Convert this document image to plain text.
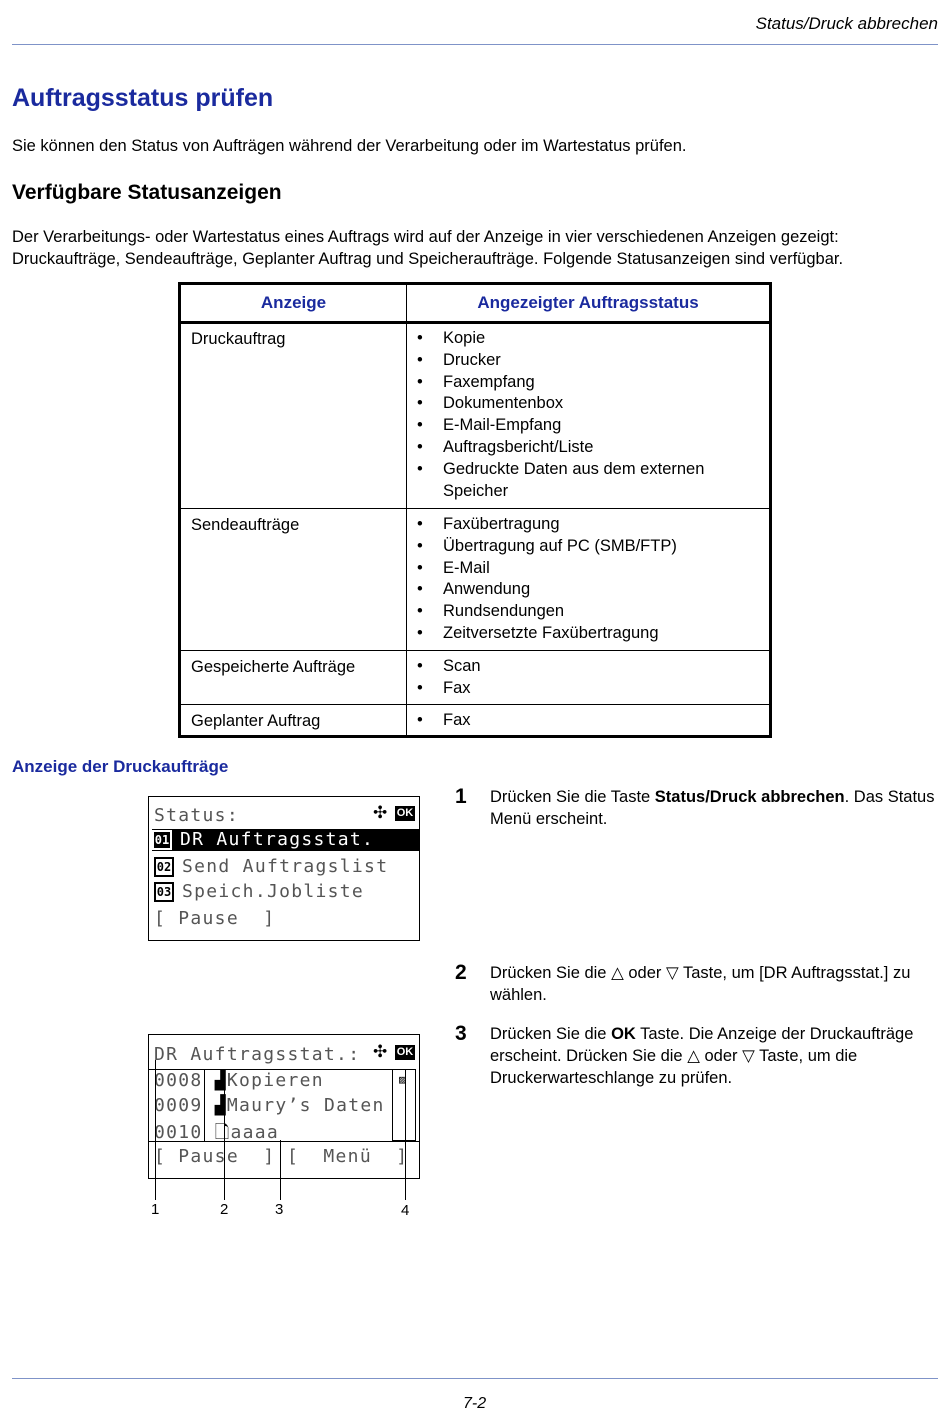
Status/Druck abbrechen
Auftragsstatus prüfen
Sie können den Status von Aufträgen während der Verarbeitung oder im Wartestatus prüfen.
Verfügbare Statusanzeigen
Der Verarbeitungs- oder Wartestatus eines Auftrags wird auf der Anzeige in vier verschiedenen Anzeigen gezeigt:
Druckaufträge, Sendeaufträge, Geplanter Auftrag und Speicheraufträge. Folgende Statusanzeigen sind verfügbar.
Anzeige	Angezeigter Auftragsstatus
Druckauftrag	• Kopie
• Drucker
• Faxempfang
• Dokumentenbox
• E-Mail-Empfang
• Auftragsbericht/Liste
• Gedruckte Daten aus dem externen Speicher
Sendeaufträge	• Faxübertragung
• Übertragung auf PC (SMB/FTP)
• E-Mail
• Anwendung
• Rundsendungen
• Zeitversetzte Faxübertragung
Gespeicherte Aufträge	• Scan
• Fax
Geplanter Auftrag	• Fax
Anzeige der Druckaufträge
Status:	✣ OK
01 DR Auftragsstat.
02 Send Auftragslist
03 Speich.Jobliste
[ Pause  ]
DR Auftragsstat.: ✣ OK
▨
0008 ▟Kopieren
0009 ▟Maury’s Daten
0010 🗋aaaa
[ Pause  ] [  Menü  ]
1	2	3	4
1 Drücken Sie die Taste Status/Druck abbrechen. Das Status Menü erscheint.
2 Drücken Sie die △ oder ▽ Taste, um [DR Auftragsstat.] zu wählen.
3 Drücken Sie die OK Taste. Die Anzeige der Druckaufträge erscheint. Drücken Sie die △ oder ▽ Taste, um die Druckerwarteschlange zu prüfen.
7-2
